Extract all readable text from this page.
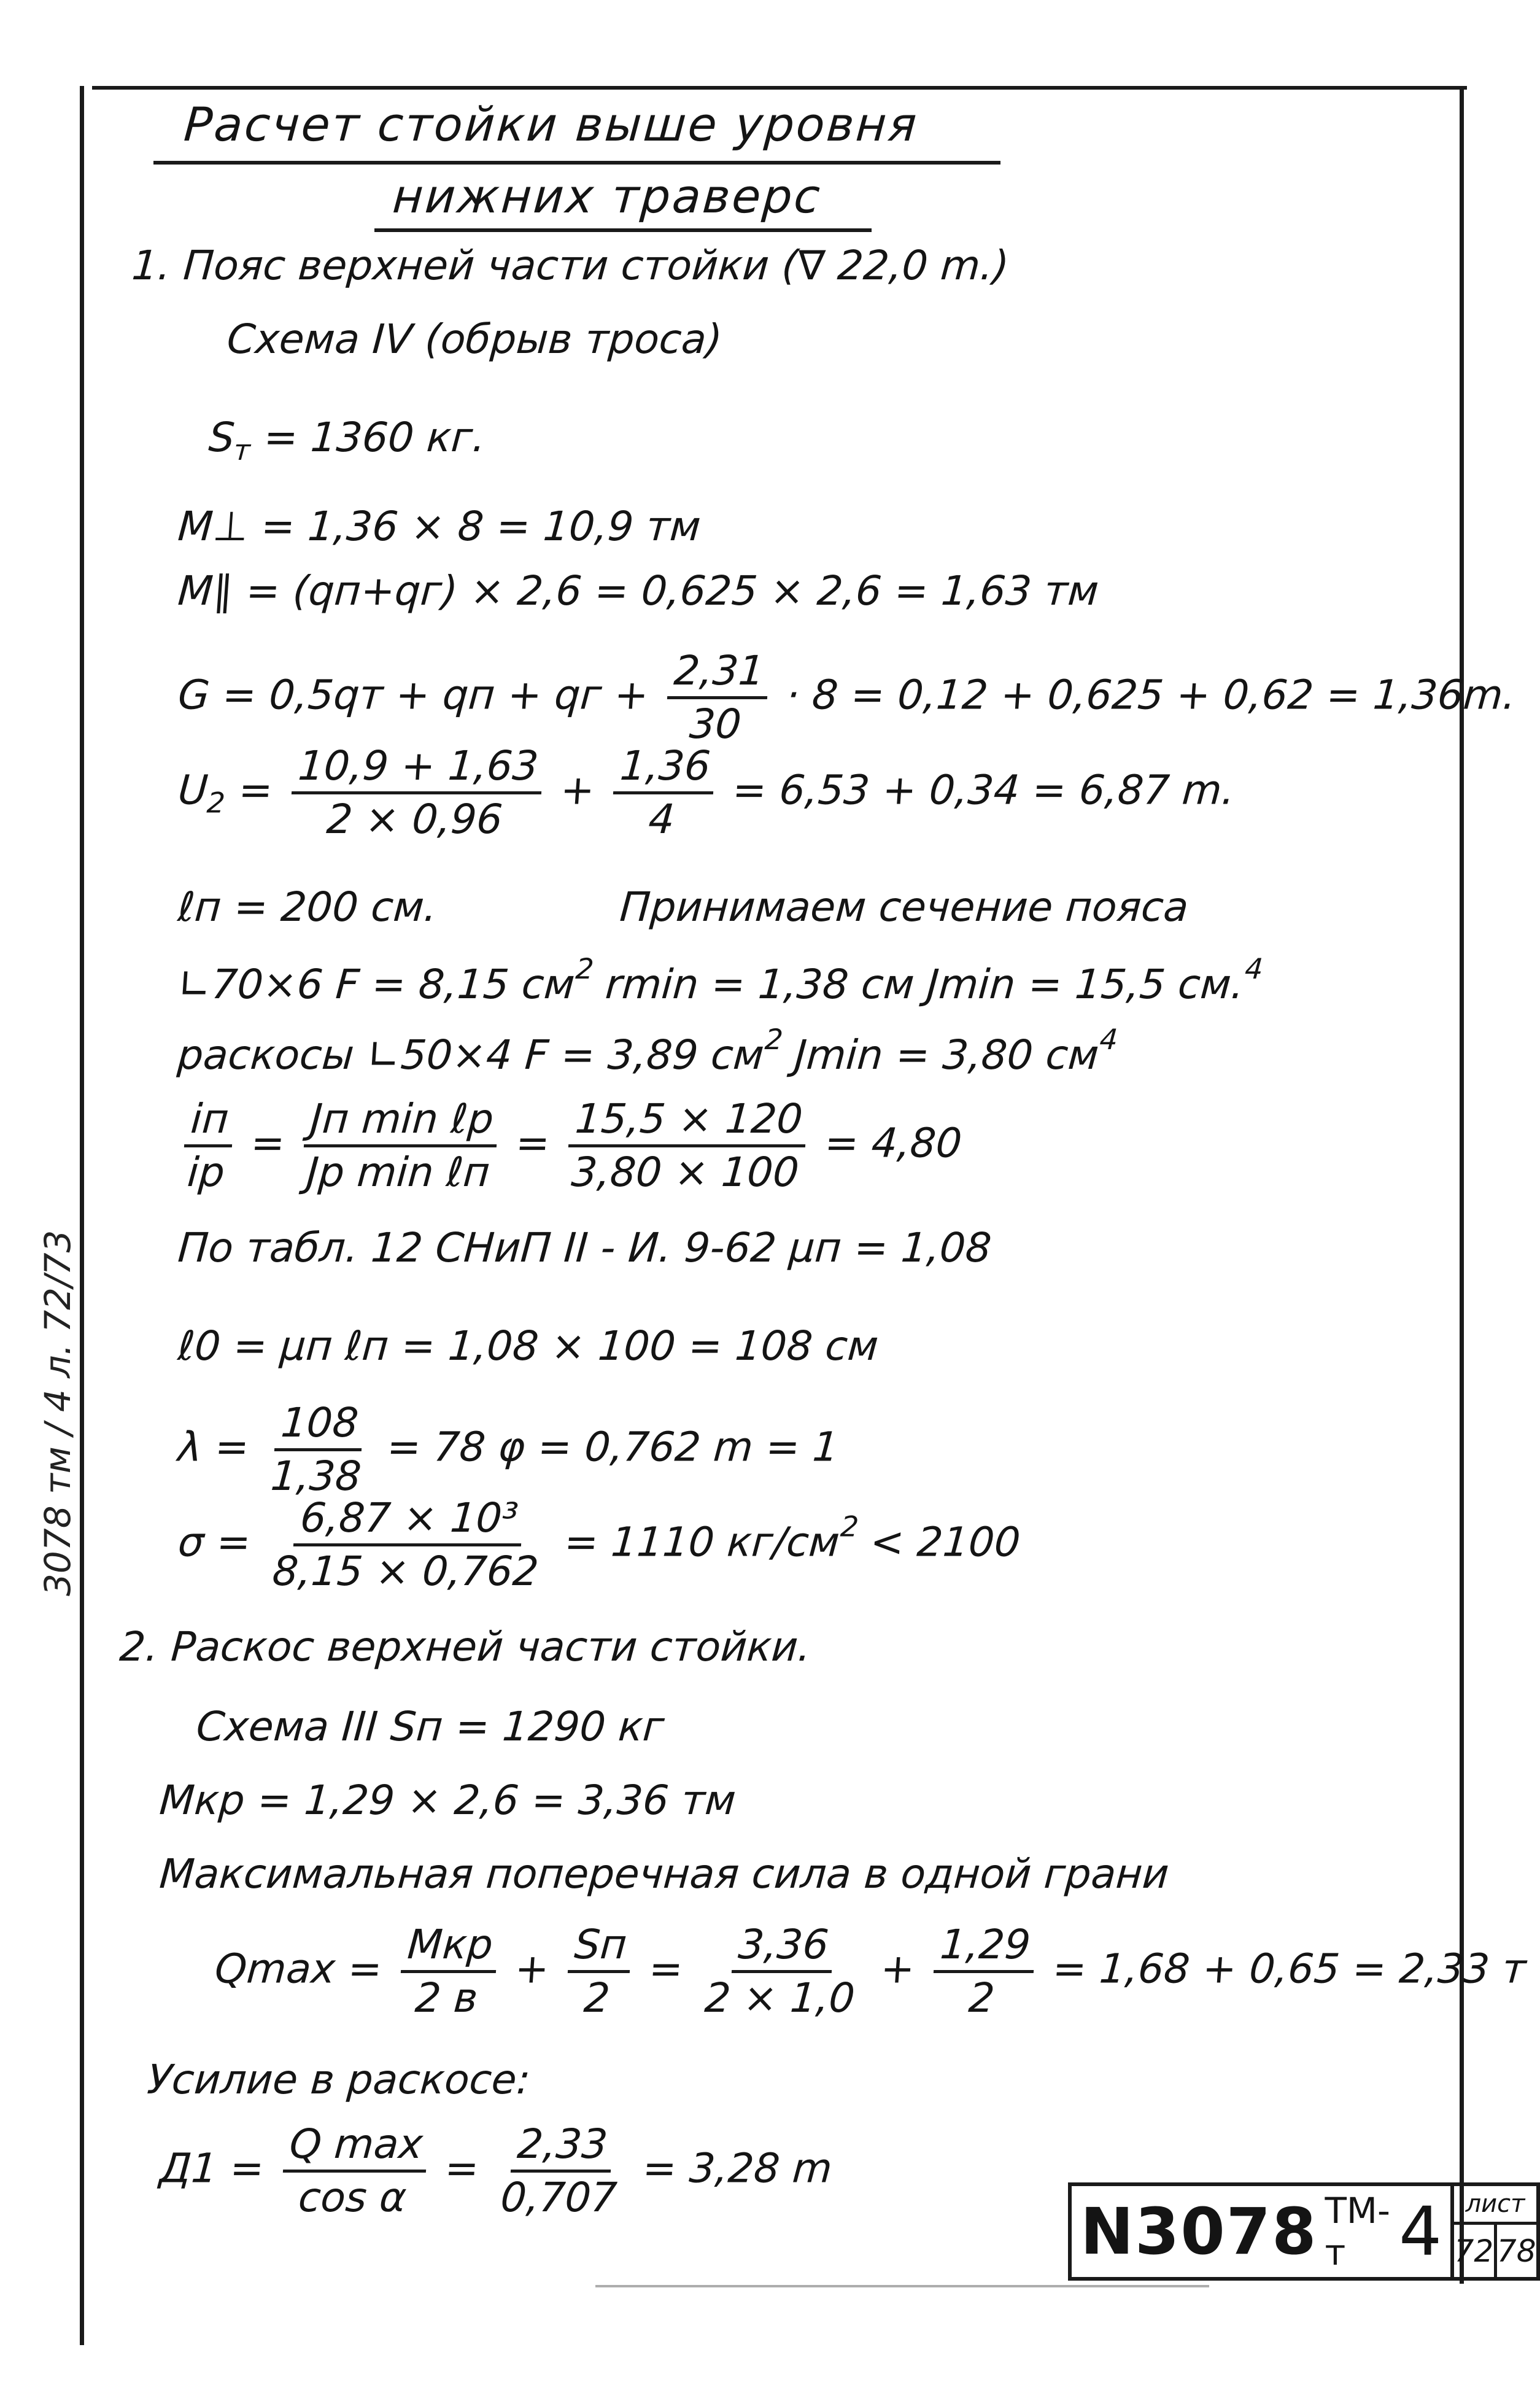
Расчет стойки выше уровня
нижних траверс
1. Пояс верхней части стойки (∇ 22,0 m.)
Схема IV (обрыв троса)
$S_т = 1360$ кг.
M⊥ = 1,36 × 8 = 10,9 тм
M∥ = (qп+qг) × 2,6 = 0,625 × 2,6 = 1,63 тм
G = 0,5qт + qп + qг + $\frac{2,31}{30} \cdot 8 = 0,12 + 0,625 + 0,62 = 1,36m$.
$U_2 = \frac{10,9 + 1,63}{2 \times 0,96} + \frac{1,36}{4} = 6,53 + 0,34 = 6,87$ m.
ℓп = 200 см.	Принимаем сечение пояса
∟70×6 F = 8,15 $см^2$ rmin = 1,38 см Jmin = 15,5 см.$^4$
раскосы ∟50×4 F = 3,89 $см^2$ Jmin = 3,80 $см^4$
$\frac{iп}{iр} = \frac{\text{Jп min ℓр}}{\text{Jр min ℓп}} = \frac{15,5 \times 120}{3,80 \times 100} = 4,80$
По табл. 12 СНиП II - И. 9-62 μп = 1,08
ℓ0 = μп ℓп = 1,08 × 100 = 108 см
$\lambda = \frac{108}{1,38} = 78$ φ = 0,762 m = 1
$\sigma = \frac{\text{6,87 × 10³}}{8,15 \times 0,762} = 1110$ $кг/см^2 < 2100$
2. Раскос верхней части стойки.
Схема III Sп = 1290 кг
Mкр = 1,29 × 2,6 = 3,36 тм
Максимальная поперечная сила в одной грани
$Qmax = \frac{\text{Mкр}}{2 в} + \frac{Sп}{2} = \frac{3,36}{2 \times 1,0} + \frac{1,29}{2} = 1,68 + 0,65 = 2,33$ т
Усилие в раскосе:
$Д1 = \frac{\text{Q max}}{\text{cos α}} = \frac{2,33}{0,707} = 3,28$ m
3078 тм / 4 л. 72/73
N3078 ТМ-т 4 лист
72 78
